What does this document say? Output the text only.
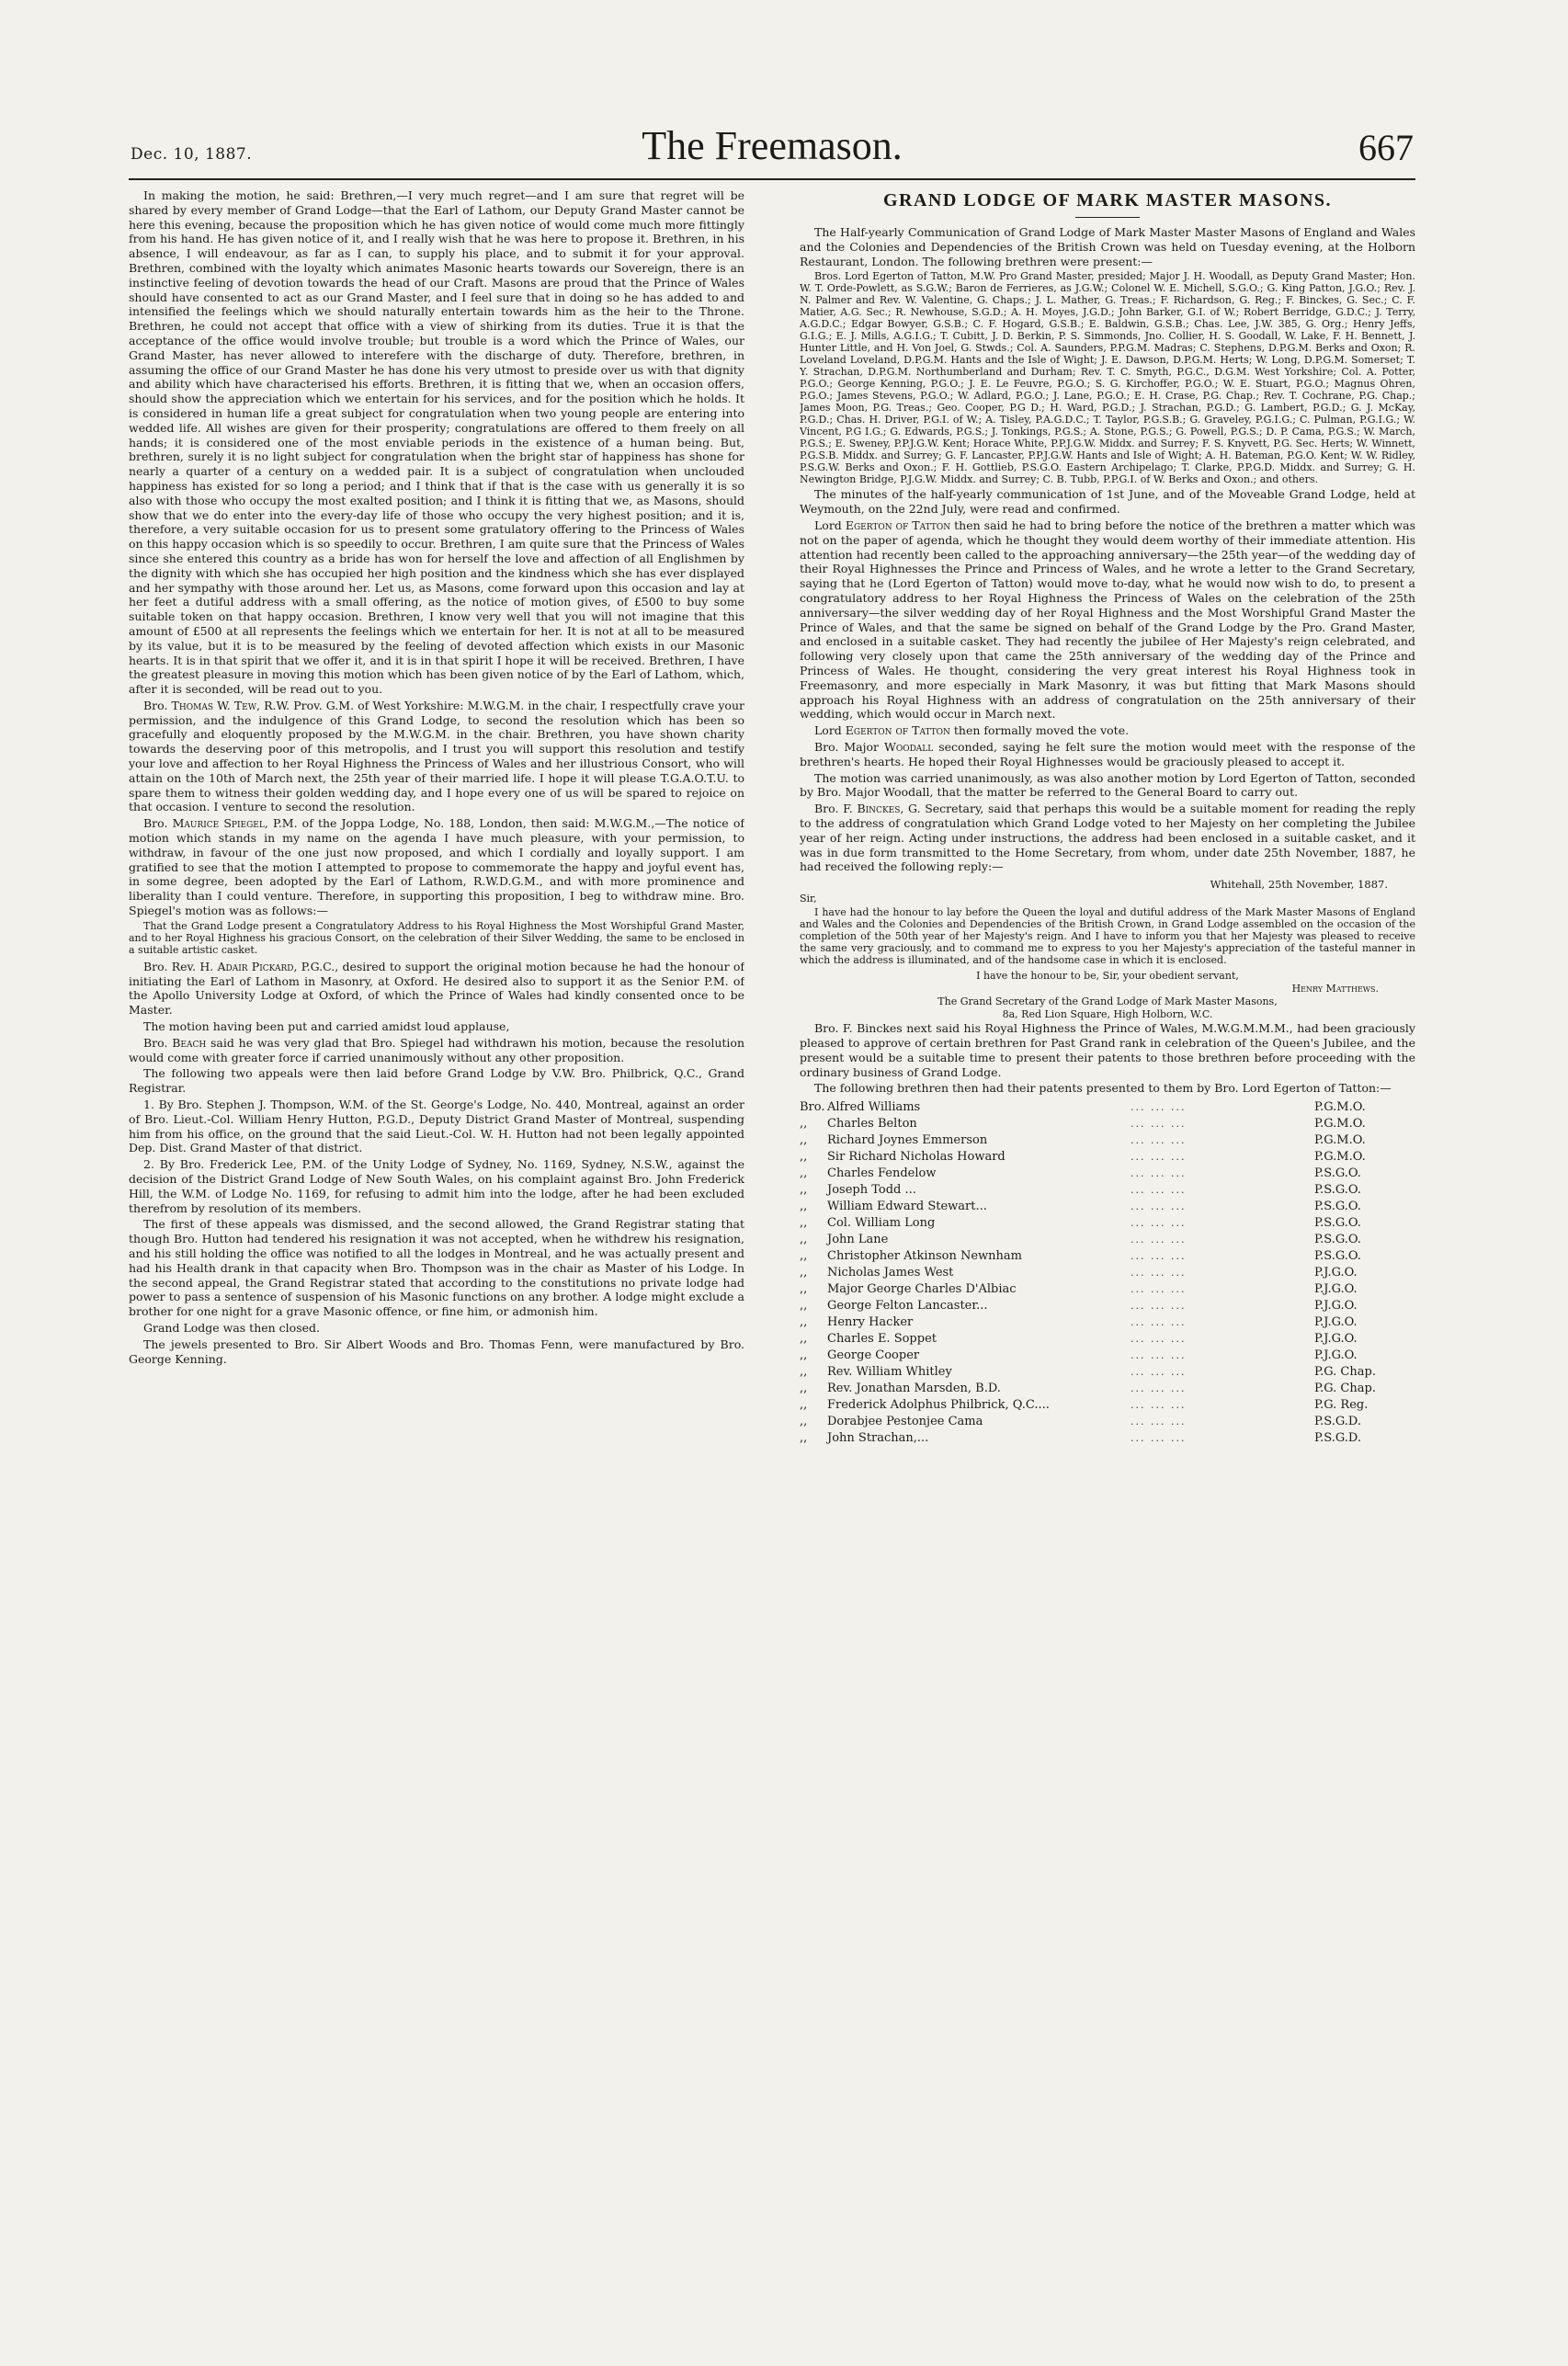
Dec. 10, 1887.	The Freemason.	667

In making the motion, he said: Brethren,—I very much regret—and I am sure that regret will be shared by every member of Grand Lodge—that the Earl of Lathom, our Deputy Grand Master cannot be here this evening, because the proposition which he has given notice of would come much more fittingly from his hand. He has given notice of it, and I really wish that he was here to propose it. Brethren, in his absence, I will endeavour, as far as I can, to supply his place, and to submit it for your approval. Brethren, combined with the loyalty which animates Masonic hearts towards our Sovereign, there is an instinctive feeling of devotion towards the head of our Craft. Masons are proud that the Prince of Wales should have consented to act as our Grand Master, and I feel sure that in doing so he has added to and intensified the feelings which we should naturally entertain towards him as the heir to the Throne. Brethren, he could not accept that office with a view of shirking from its duties. True it is that the acceptance of the office would involve trouble; but trouble is a word which the Prince of Wales, our Grand Master, has never allowed to interefere with the discharge of duty. Therefore, brethren, in assuming the office of our Grand Master he has done his very utmost to preside over us with that dignity and ability which have characterised his efforts. Brethren, it is fitting that we, when an occasion offers, should show the appreciation which we entertain for his services, and for the position which he holds. It is considered in human life a great subject for congratulation when two young people are entering into wedded life. All wishes are given for their prosperity; congratulations are offered to them freely on all hands; it is considered one of the most enviable periods in the existence of a human being. But, brethren, surely it is no light subject for congratulation when the bright star of happiness has shone for nearly a quarter of a century on a wedded pair. It is a subject of congratulation when unclouded happiness has existed for so long a period; and I think that if that is the case with us generally it is so also with those who occupy the most exalted position; and I think it is fitting that we, as Masons, should show that we do enter into the every-day life of those who occupy the very highest position; and it is, therefore, a very suitable occasion for us to present some gratulatory offering to the Princess of Wales on this happy occasion which is so speedily to occur. Brethren, I am quite sure that the Princess of Wales since she entered this country as a bride has won for herself the love and affection of all Englishmen by the dignity with which she has occupied her high position and the kindness which she has ever displayed and her sympathy with those around her. Let us, as Masons, come forward upon this occasion and lay at her feet a dutiful address with a small offering, as the notice of motion gives, of £500 to buy some suitable token on that happy occasion. Brethren, I know very well that you will not imagine that this amount of £500 at all represents the feelings which we entertain for her. It is not at all to be measured by its value, but it is to be measured by the feeling of devoted affection which exists in our Masonic hearts. It is in that spirit that we offer it, and it is in that spirit I hope it will be received. Brethren, I have the greatest pleasure in moving this motion which has been given notice of by the Earl of Lathom, which, after it is seconded, will be read out to you.

Bro. Thomas W. Tew, R.W. Prov. G.M. of West Yorkshire: M.W.G.M. in the chair, I respectfully crave your permission, and the indulgence of this Grand Lodge, to second the resolution which has been so gracefully and eloquently proposed by the M.W.G.M. in the chair. Brethren, you have shown charity towards the deserving poor of this metropolis, and I trust you will support this resolution and testify your love and affection to her Royal Highness the Princess of Wales and her illustrious Consort, who will attain on the 10th of March next, the 25th year of their married life. I hope it will please T.G.A.O.T.U. to spare them to witness their golden wedding day, and I hope every one of us will be spared to rejoice on that occasion. I venture to second the resolution.

Bro. Maurice Spiegel, P.M. of the Joppa Lodge, No. 188, London, then said: M.W.G.M.,—The notice of motion which stands in my name on the agenda I have much pleasure, with your permission, to withdraw, in favour of the one just now proposed, and which I cordially and loyally support. I am gratified to see that the motion I attempted to propose to commemorate the happy and joyful event has, in some degree, been adopted by the Earl of Lathom, R.W.D.G.M., and with more prominence and liberality than I could venture. Therefore, in supporting this proposition, I beg to withdraw mine. Bro. Spiegel's motion was as follows:—

That the Grand Lodge present a Congratulatory Address to his Royal Highness the Most Worshipful Grand Master, and to her Royal Highness his gracious Consort, on the celebration of their Silver Wedding, the same to be enclosed in a suitable artistic casket.

Bro. Rev. H. Adair Pickard, P.G.C., desired to support the original motion because he had the honour of initiating the Earl of Lathom in Masonry, at Oxford. He desired also to support it as the Senior P.M. of the Apollo University Lodge at Oxford, of which the Prince of Wales had kindly consented once to be Master.

The motion having been put and carried amidst loud applause,

Bro. Beach said he was very glad that Bro. Spiegel had withdrawn his motion, because the resolution would come with greater force if carried unanimously without any other proposition.

The following two appeals were then laid before Grand Lodge by V.W. Bro. Philbrick, Q.C., Grand Registrar.

1. By Bro. Stephen J. Thompson, W.M. of the St. George's Lodge, No. 440, Montreal, against an order of Bro. Lieut.-Col. William Henry Hutton, P.G.D., Deputy District Grand Master of Montreal, suspending him from his office, on the ground that the said Lieut.-Col. W. H. Hutton had not been legally appointed Dep. Dist. Grand Master of that district.

2. By Bro. Frederick Lee, P.M. of the Unity Lodge of Sydney, No. 1169, Sydney, N.S.W., against the decision of the District Grand Lodge of New South Wales, on his complaint against Bro. John Frederick Hill, the W.M. of Lodge No. 1169, for refusing to admit him into the lodge, after he had been excluded therefrom by resolution of its members.

The first of these appeals was dismissed, and the second allowed, the Grand Registrar stating that though Bro. Hutton had tendered his resignation it was not accepted, when he withdrew his resignation, and his still holding the office was notified to all the lodges in Montreal, and he was actually present and had his Health drank in that capacity when Bro. Thompson was in the chair as Master of his Lodge. In the second appeal, the Grand Registrar stated that according to the constitutions no private lodge had power to pass a sentence of suspension of his Masonic functions on any brother. A lodge might exclude a brother for one night for a grave Masonic offence, or fine him, or admonish him.

Grand Lodge was then closed.

The jewels presented to Bro. Sir Albert Woods and Bro. Thomas Fenn, were manufactured by Bro. George Kenning.

GRAND LODGE OF MARK MASTER MASONS.

The Half-yearly Communication of Grand Lodge of Mark Master Master Masons of England and Wales and the Colonies and Dependencies of the British Crown was held on Tuesday evening, at the Holborn Restaurant, London. The following brethren were present:—

Bros. Lord Egerton of Tatton, M.W. Pro Grand Master, presided; Major J. H. Woodall, as Deputy Grand Master; Hon. W. T. Orde-Powlett, as S.G.W.; Baron de Ferrieres, as J.G.W.; Colonel W. E. Michell, S.G.O.; G. King Patton, J.G.O.; Rev. J. N. Palmer and Rev. W. Valentine, G. Chaps.; J. L. Mather, G. Treas.; F. Richardson, G. Reg.; F. Binckes, G. Sec.; C. F. Matier, A.G. Sec.; R. Newhouse, S.G.D.; A. H. Moyes, J.G.D.; John Barker, G.I. of W.; Robert Berridge, G.D.C.; J. Terry, A.G.D.C.; Edgar Bowyer, G.S.B.; C. F. Hogard, G.S.B.; E. Baldwin, G.S.B.; Chas. Lee, J.W. 385, G. Org.; Henry Jeffs, G.I.G.; E. J. Mills, A.G.I.G.; T. Cubitt, J. D. Berkin, P. S. Simmonds, Jno. Collier, H. S. Goodall, W. Lake, F. H. Bennett, J. Hunter Little, and H. Von Joel, G. Stwds.; Col. A. Saunders, P.P.G.M. Madras; C. Stephens, D.P.G.M. Berks and Oxon; R. Loveland Loveland, D.P.G.M. Hants and the Isle of Wight; J. E. Dawson, D.P.G.M. Herts; W. Long, D.P.G.M. Somerset; T. Y. Strachan, D.P.G.M. Northumberland and Durham; Rev. T. C. Smyth, P.G.C., D.G.M. West Yorkshire; Col. A. Potter, P.G.O.; George Kenning, P.G.O.; J. E. Le Feuvre, P.G.O.; S. G. Kirchoffer, P.G.O.; W. E. Stuart, P.G.O.; Magnus Ohren, P.G.O.; James Stevens, P.G.O.; W. Adlard, P.G.O.; J. Lane, P.G.O.; E. H. Crase, P.G. Chap.; Rev. T. Cochrane, P.G. Chap.; James Moon, P.G. Treas.; Geo. Cooper, P.G D.; H. Ward, P.G.D.; J. Strachan, P.G.D.; G. Lambert, P.G.D.; G. J. McKay, P.G.D.; Chas. H. Driver, P.G.I. of W.; A. Tisley, P.A.G.D.C.; T. Taylor, P.G.S.B.; G. Graveley, P.G.I.G.; C. Pulman, P.G.I.G.; W. Vincent, P.G I.G.; G. Edwards, P.G.S.; J. Tonkings, P.G.S.; A. Stone, P.G.S.; G. Powell, P.G.S.; D. P. Cama, P.G.S.; W. March, P.G.S.; E. Sweney, P.P.J.G.W. Kent; Horace White, P.P.J.G.W. Middx. and Surrey; F. S. Knyvett, P.G. Sec. Herts; W. Winnett, P.G.S.B. Middx. and Surrey; G. F. Lancaster, P.P.J.G.W. Hants and Isle of Wight; A. H. Bateman, P.G.O. Kent; W. W. Ridley, P.S.G.W. Berks and Oxon.; F. H. Gottlieb, P.S.G.O. Eastern Archipelago; T. Clarke, P.P.G.D. Middx. and Surrey; G. H. Newington Bridge, P.J.G.W. Middx. and Surrey; C. B. Tubb, P.P.G.I. of W. Berks and Oxon.; and others.

The minutes of the half-yearly communication of 1st June, and of the Moveable Grand Lodge, held at Weymouth, on the 22nd July, were read and confirmed.

Lord Egerton of Tatton then said he had to bring before the notice of the brethren a matter which was not on the paper of agenda, which he thought they would deem worthy of their immediate attention. His attention had recently been called to the approaching anniversary—the 25th year—of the wedding day of their Royal Highnesses the Prince and Princess of Wales, and he wrote a letter to the Grand Secretary, saying that he (Lord Egerton of Tatton) would move to-day, what he would now wish to do, to present a congratulatory address to her Royal Highness the Princess of Wales on the celebration of the 25th anniversary—the silver wedding day of her Royal Highness and the Most Worshipful Grand Master the Prince of Wales, and that the same be signed on behalf of the Grand Lodge by the Pro. Grand Master, and enclosed in a suitable casket. They had recently the jubilee of Her Majesty's reign celebrated, and following very closely upon that came the 25th anniversary of the wedding day of the Prince and Princess of Wales. He thought, considering the very great interest his Royal Highness took in Freemasonry, and more especially in Mark Masonry, it was but fitting that Mark Masons should approach his Royal Highness with an address of congratulation on the 25th anniversary of their wedding, which would occur in March next.

Lord Egerton of Tatton then formally moved the vote.

Bro. Major Woodall seconded, saying he felt sure the motion would meet with the response of the brethren's hearts. He hoped their Royal Highnesses would be graciously pleased to accept it.

The motion was carried unanimously, as was also another motion by Lord Egerton of Tatton, seconded by Bro. Major Woodall, that the matter be referred to the General Board to carry out.

Bro. F. Binckes, G. Secretary, said that perhaps this would be a suitable moment for reading the reply to the address of congratulation which Grand Lodge voted to her Majesty on her completing the Jubilee year of her reign. Acting under instructions, the address had been enclosed in a suitable casket, and it was in due form transmitted to the Home Secretary, from whom, under date 25th November, 1887, he had received the following reply:—

Whitehall, 25th November, 1887.

Sir,

I have had the honour to lay before the Queen the loyal and dutiful address of the Mark Master Masons of England and Wales and the Colonies and Dependencies of the British Crown, in Grand Lodge assembled on the occasion of the completion of the 50th year of her Majesty's reign. And I have to inform you that her Majesty was pleased to receive the same very graciously, and to command me to express to you her Majesty's appreciation of the tasteful manner in which the address is illuminated, and of the handsome case in which it is enclosed.
I have the honour to be, Sir, your obedient servant,
Henry Matthews.
The Grand Secretary of the Grand Lodge of Mark Master Masons,
8a, Red Lion Square, High Holborn, W.C.

Bro. F. Binckes next said his Royal Highness the Prince of Wales, M.W.G.M.M.M., had been graciously pleased to approve of certain brethren for Past Grand rank in celebration of the Queen's Jubilee, and the present would be a suitable time to present their patents to those brethren before proceeding with the ordinary business of Grand Lodge.

The following brethren then had their patents presented to them by Bro. Lord Egerton of Tatton:—

Bro.	Alfred Williams	... ... ...	P.G.M.O.
,,	Charles Belton	... ... ...	P.G.M.O.
,,	Richard Joynes Emmerson	... ... ...	P.G.M.O.
,,	Sir Richard Nicholas Howard	... ... ...	P.G.M.O.
,,	Charles Fendelow	... ... ...	P.S.G.O.
,,	Joseph Todd ...	... ... ...	P.S.G.O.
,,	William Edward Stewart...	... ... ...	P.S.G.O.
,,	Col. William Long	... ... ...	P.S.G.O.
,,	John Lane	... ... ...	P.S.G.O.
,,	Christopher Atkinson Newnham	... ... ...	P.S.G.O.
,,	Nicholas James West	... ... ...	P.J.G.O.
,,	Major George Charles D'Albiac	... ... ...	P.J.G.O.
,,	George Felton Lancaster...	... ... ...	P.J.G.O.
,,	Henry Hacker	... ... ...	P.J.G.O.
,,	Charles E. Soppet	... ... ...	P.J.G.O.
,,	George Cooper	... ... ...	P.J.G.O.
,,	Rev. William Whitley	... ... ...	P.G. Chap.
,,	Rev. Jonathan Marsden, B.D.	... ... ...	P.G. Chap.
,,	Frederick Adolphus Philbrick, Q.C....	... ... ...	P.G. Reg.
,,	Dorabjee Pestonjee Cama	... ... ...	P.S.G.D.
,,	John Strachan,...	... ... ...	P.S.G.D.
